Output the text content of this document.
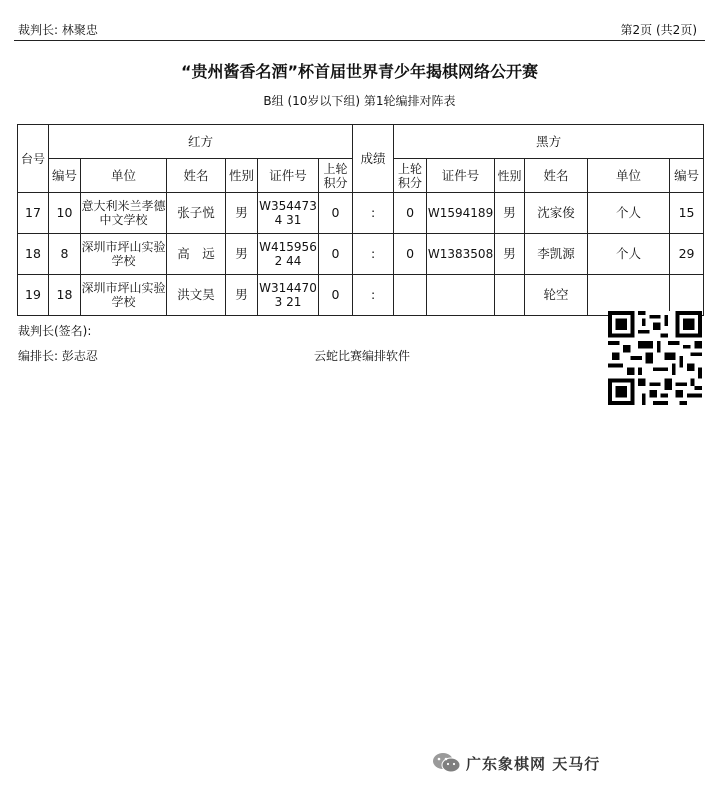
裁判长: 林聚忠	第2页 (共2页)
“贵州酱香名酒”杯首届世界青少年揭棋网络公开赛
B组 (10岁以下组) 第1轮编排对阵表
台号	红方						成绩	黑方					
	编号	单位	姓名	性别	证件号	上轮积分		上轮积分	证件号	性别	姓名	单位	编号
17	10	意大利米兰孝德中文学校	张子悦	男	W3544734 31	0	:	0	W1594189	男	沈家俊	个人	15
18	8	深圳市坪山实验学校	高　远	男	W4159562 44	0	:	0	W1383508	男	李凯源	个人	29
19	18	深圳市坪山实验学校	洪文昊	男	W3144703 21	0	:				轮空		
裁判长(签名):
编排长: 彭志忍	云蛇比赛编排软件
广东象棋网 天马行
